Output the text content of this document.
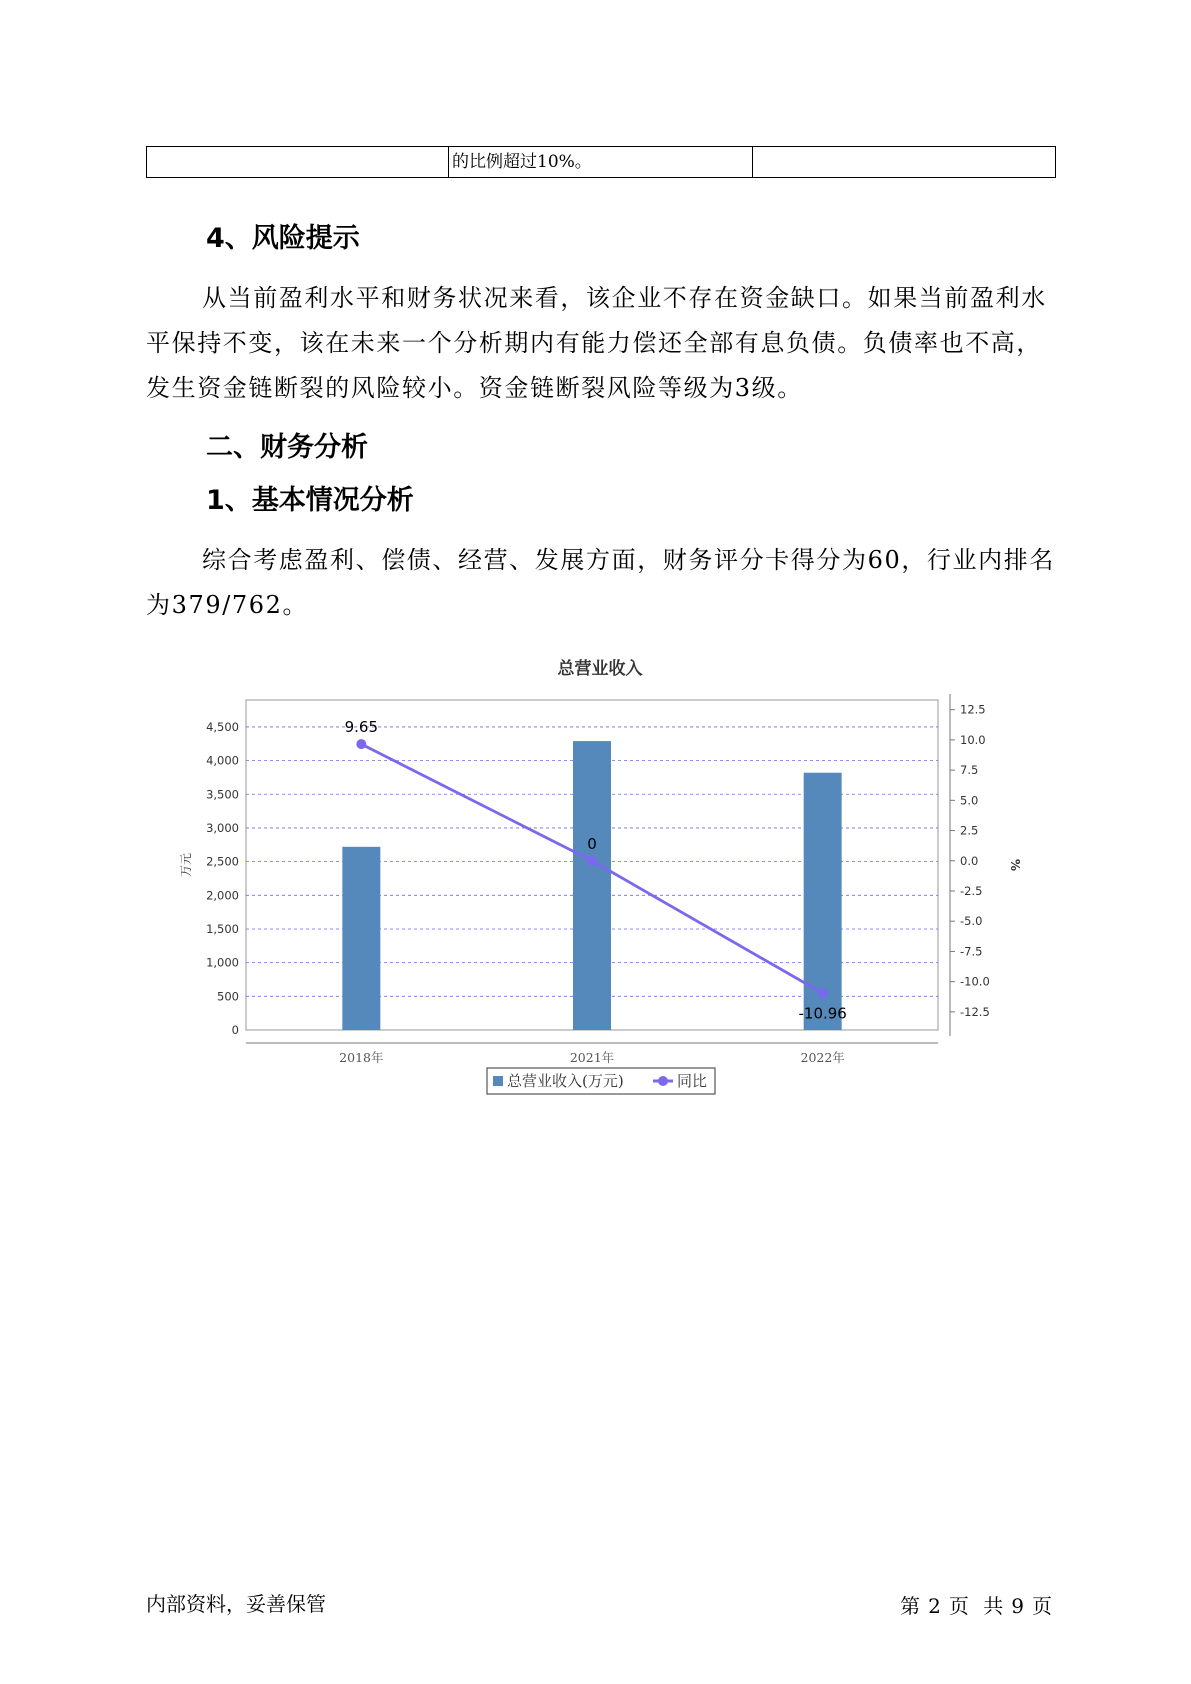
的比例超过10%。
4、风险提示

从当前盈利水平和财务状况来看，该企业不存在资金缺口。如果当前盈利水平保持不变，该在未来一个分析期内有能力偿还全部有息负债。负债率也不高，发生资金链断裂的风险较小。资金链断裂风险等级为3级。

二、财务分析
1、基本情况分析

综合考虑盈利、偿债、经营、发展方面，财务评分卡得分为60，行业内排名为379/762。

总营业收入
0
500
1,000
1,500
2,000
2,500
3,000
3,500
4,000
4,500
万元
12.5
10.0
7.5
5.0
2.5
0.0
-2.5
-5.0
-7.5
-10.0
-12.5
%
2018年	2021年	2022年
9.65
0
-10.96
总营业收入(万元)	同比
内部资料，妥善保管	第 2 页 共 9 页
